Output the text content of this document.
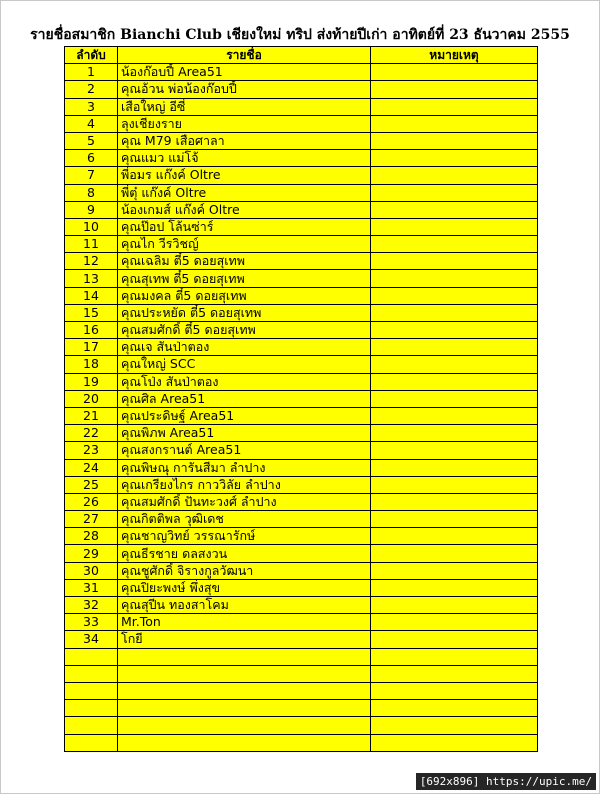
รายชื่อสมาชิก Bianchi Club เชียงใหม่ ทริป ส่งท้ายปีเก่า อาทิตย์ที่ 23 ธันวาคม 2555
ลำดับ	รายชื่อ	หมายเหตุ
1	น้องก๊อบปี้ Area51	
2	คุณอ้วน พ่อน้องก๊อบปี้	
3	เสือใหญ่ อีซี่	
4	ลุงเชียงราย	
5	คุณ M79 เสือศาลา	
6	คุณแมว แม่โจ้	
7	พี่อมร แก๊งค์ Oltre	
8	พี่ตุ๋ แก๊งค์ Oltre	
9	น้องเกมส์ แก๊งค์ Oltre	
10	คุณป๊อป โล้นซ่าร์	
11	คุณไก วีรวิชญ์	
12	คุณเฉลิม ตี๋5 ดอยสุเทพ	
13	คุณสุเทพ ตี๋5 ดอยสุเทพ	
14	คุณมงคล ตี๋5 ดอยสุเทพ	
15	คุณประหยัด ตี๋5 ดอยสุเทพ	
16	คุณสมศักดิ์ ตี๋5 ดอยสุเทพ	
17	คุณเจ สันป่าตอง	
18	คุณใหญ่ SCC	
19	คุณโป่ง สันป่าตอง	
20	คุณศิล Area51	
21	คุณประดิษฐ์ Area51	
22	คุณพิภพ Area51	
23	คุณสงกรานต์ Area51	
24	คุณพิษณุ การันสีมา ลำปาง	
25	คุณเกรียงไกร กาววิลัย ลำปาง	
26	คุณสมศักดิ์ ปันทะวงศ์ ลำปาง	
27	คุณกิตติพล วุฒิเดช	
28	คุณชาญวิทย์ วรรณารักษ์	
29	คุณธีรชาย ดลสงวน	
30	คุณชูศักดิ์ จิรางกูลวัฒนา	
31	คุณปิยะพงษ์ พึ่งสุข	
32	คุณสุปีน ทองสาโคม	
33	Mr.Ton	
34	โกยี	

[692x896] https://upic.me/
